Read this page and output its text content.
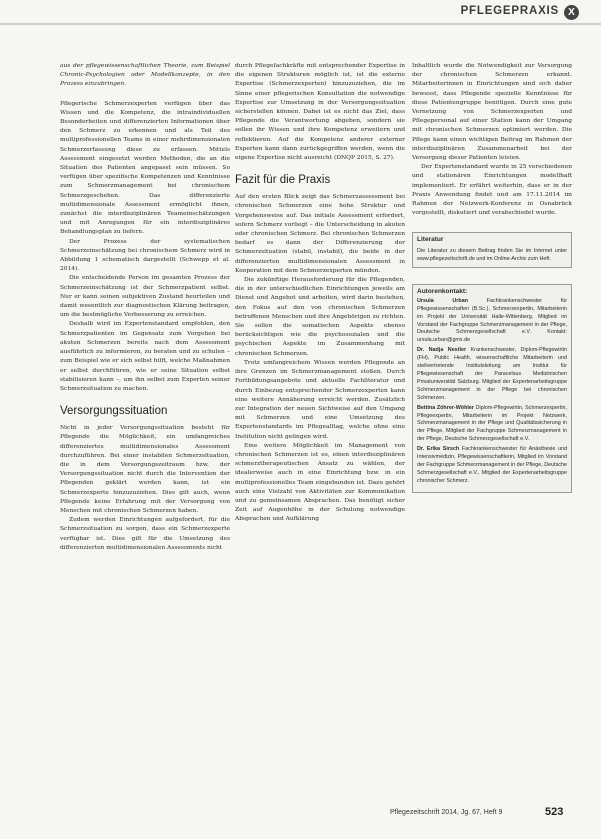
PFLEGEPRAXIS X

aus der pflegewissenschaftlichen Theorie, zum Beispiel Chronic-Psychologien oder Modellkonzepte, in den Prozess einzubringen.

Pflegerische Schmerzexperten verfügen über das Wissen und die Kompetenz, die intraindividuellen Besonderheiten und differenzierten Informationen über den Schmerz zu erkennen und als Teil des multiprofessionellen Teams in einer mehrdimensionalen Schmerzerfassung diese zu erfassen. Mittels Assessment eingesetzt werden Methoden, die an die Situation des Patienten angepasst sein müssen. So verfügen über spezifische Kompetenzen und Kenntnisse zum Schmerzmanagement bei chronischem Schmerzgeschehen. Das differenzierte multidimensionale Assessment ermöglicht ihnen, zunächst die interdisziplinären Teameinschätzungen und mit Anregungen für ein interdisziplinäres Behandlungsplan zu liefern.

Der Prozess der systematischen Schmerzeinschätzung bei chronischem Schmerz wird in Abbildung 1 schematisch dargestellt (Schwepp et al. 2014).

Die entscheidende Person im gesamten Prozess der Schmerzeinschätzung ist der Schmerzpatient selbst. Nur er kann seinen subjektiven Zustand beurteilen und damit wesentlich zur diagnostischen Klärung beitragen, um die bestmögliche Verbesserung zu erreichen.

Deshalb wird im Expertenstandard empfohlen, den Schmerzpatienten im Gegensatz zum Vorgehen bei akuten Schmerzen bereits nach dem Assessment ausführlich zu informieren, zu beraten und zu schulen – zum Beispiel wie er sich selbst hilft, welche Maßnahmen er selbst durchführen, wie er seine Situation selbst stabilisieren kann –, um ihn selbst zum Experten seiner Schmerzsituation zu machen.

Versorgungssituation

Nicht in jeder Versorgungssituation besteht für Pflegende die Möglichkeit, ein umfangreiches differenziertes multidimensionales Assessment durchzuführen. Bei einer instabilen Schmerzsituation, die in dem Versorgungszeitraum bzw. der Versorgungssituation nicht durch die Intervention der Pflegenden geklärt werden kann, ist ein Schmerzexperte hinzuzuziehen. Dies gilt auch, wenn Pflegende keine Erfahrung mit der Versorgung von Menschen mit chronischen Schmerzen haben.

Zudem werden Einrichtungen aufgefordert, für die Schmerzsituation zu sorgen, dass ein Schmerzexperte verfügbar ist. Dies gilt für die Umsetzung des differenzierten multidimensionalen Assessments nicht

durch Pflegefachkräfte mit entsprechender Expertise in die eigenen Strukturen möglich ist, ist die externe Expertise (Schmerzexperten) hinzuzuziehen, die im Sinne einer pflegerischen Konsultation die notwendige Expertise zur Umsetzung in der Versorgungssituation sicherstellen können. Dabei ist es nicht das Ziel, dass Pflegende die Verantwortung abgeben, sondern sie sollen ihr Wissen und ihre Kompetenz erweitern und reflektieren. Auf die Kompetenz anderer externer Experten kann dann zurückgegriffen werden, wenn die eigene Expertise nicht ausreicht (DNQP 2015, S. 27).

Fazit für die Praxis

Auf den ersten Blick zeigt das Schmerzassessment bei chronischen Schmerzen eine hohe Struktur und Vorgehensweise auf. Das initiale Assessment erfordert, sofern Schmerz vorliegt – die Unterscheidung in akuten oder chronischen Schmerz. Bei chronischen Schmerzen bedarf es dann der Differenzierung der Schmerzsituation (stabil, instabil), die beide in der differenzierten multidimensionalen Assessment in Kooperation mit dem Schmerzexperten münden.

Die zukünftige Herausforderung für die Pflegenden, die in der unterschiedlichen Einrichtungen jeweils am Dienst und Angebot und arbeiten, wird darin bestehen, den Fokus auf den von chronischen Schmerzen betroffenen Menschen und ihre Angehörigen zu richten. Sie sollen die somatischen Aspekte ebenso berücksichtigen wie die psychosozialen und die psychischen Aspekte im Zusammenhang mit chronischen Schmerzen.

Trotz umfangreichem Wissen werden Pflegende an ihre Grenzen im Schmerzmanagement stoßen. Durch Fortbildungsangebote und aktuelle Fachliteratur und durch Einbezug entsprechender Schmerzexperten kann eine weitere Annäherung erreicht werden. Zusätzlich zur Integration der neuen Sichtweise auf den Umgang mit Schmerzen und eine Umsetzung des Expertenstandards im Pflegealltag, welche ohne eine Institution nicht gelingen wird.

Eine weitere Möglichkeit im Management von chronischen Schmerzen ist es, einen interdisziplinären schmerztherapeutischen Ansatz zu wählen, der idealerweise auch in eine Einrichtung bzw. in ein multiprofessionelles Team eingebunden ist. Dazu gehört auch eine Vielzahl von Aktivitäten zur Kommunikation und zu gemeinsamen Absprachen. Das benötigt sicher Zeit auf Augenhöhe in der Schulung notwendige Absprachen und Aufklärung

Inhaltlich wurde die Notwendigkeit zur Versorgung der chronischen Schmerzen erkannt. Mitarbeiterinnen in Einrichtungen sind sich daher bewusst, dass Pflegende spezielle Kenntnisse für diese Patientengruppe benötigen. Durch eine gute Vernetzung von Schmerzexperten und Pflegepersonal auf einer Station kann der Umgang mit chronischen Schmerzen optimiert werden. Die Pflege kann einen wichtigen Beitrag im Rahmen der interdisziplinären Zusammenarbeit bei der Versorgung dieser Patienten leisten.

Der Expertenstandard wurde in 25 verschiedenen und stationären Einrichtungen modellhaft implementiert. Er erfährt weiterhin, dass er in der Praxis Anwendung findet und am 17.11.2014 im Rahmen der Netzwerk-Konferenz in Osnabrück vorgestellt, diskutiert und verabschiedet wurde.

Literatur
Die Literatur zu diesem Beitrag finden Sie im Internet unter www.pflegezeitschrift.de und im Online-Archiv zum Heft.
Autorenkontakt:
Ursula Urban	Fachkrankenschwester für Pflegewissenschaften (B.Sc.), Schmerzexpertin, Mitarbeiterin im Projekt der Universität Halle-Wittenberg. Mitglied im Vorstand der Fachgruppe Schmerzmanagement in der Pflege, Deutsche Schmerzgesellschaft e.V. Kontakt: ursula.urban@gmx.de
Dr. Nadja Nestler Krankenschwester, Diplom-Pflegewirtin (FH), Public Health, wissenschaftliche Mitarbeiterin und stellvertretende Institutsleitung am Institut für Pflegewissenschaft der Paracelsus Medizinischen Privatuniversität Salzburg. Mitglied der Expertenarbeitsgruppe Schmerzmanagement in der Pflege bei chronischen Schmerzen.
Bettina Zöhrer-Wöhler Diplom-Pflegewirtin, Schmerzexpertin, Pflegeexpertin, Mitarbeiterin im Projekt Netzwerk, Schmerzmanagement in der Pflege und Qualitätssicherung in der Pflege, Mitglied der Fachgruppe Schmerzmanagement in der Pflege, Deutsche Schmerzgesellschaft e.V.
Dr. Erika Sirsch Fachkrankenschwester für Anästhesie und Intensivmedizin, Pflegewissenschaftlerin, Mitglied im Vorstand der Fachgruppe Schmerzmanagement in der Pflege, Deutsche Schmerzgesellschaft e.V., Mitglied der Expertenarbeitsgruppe chronischer Schmerz.
Pflegezeitschrift 2014, Jg. 67, Heft 9	523
